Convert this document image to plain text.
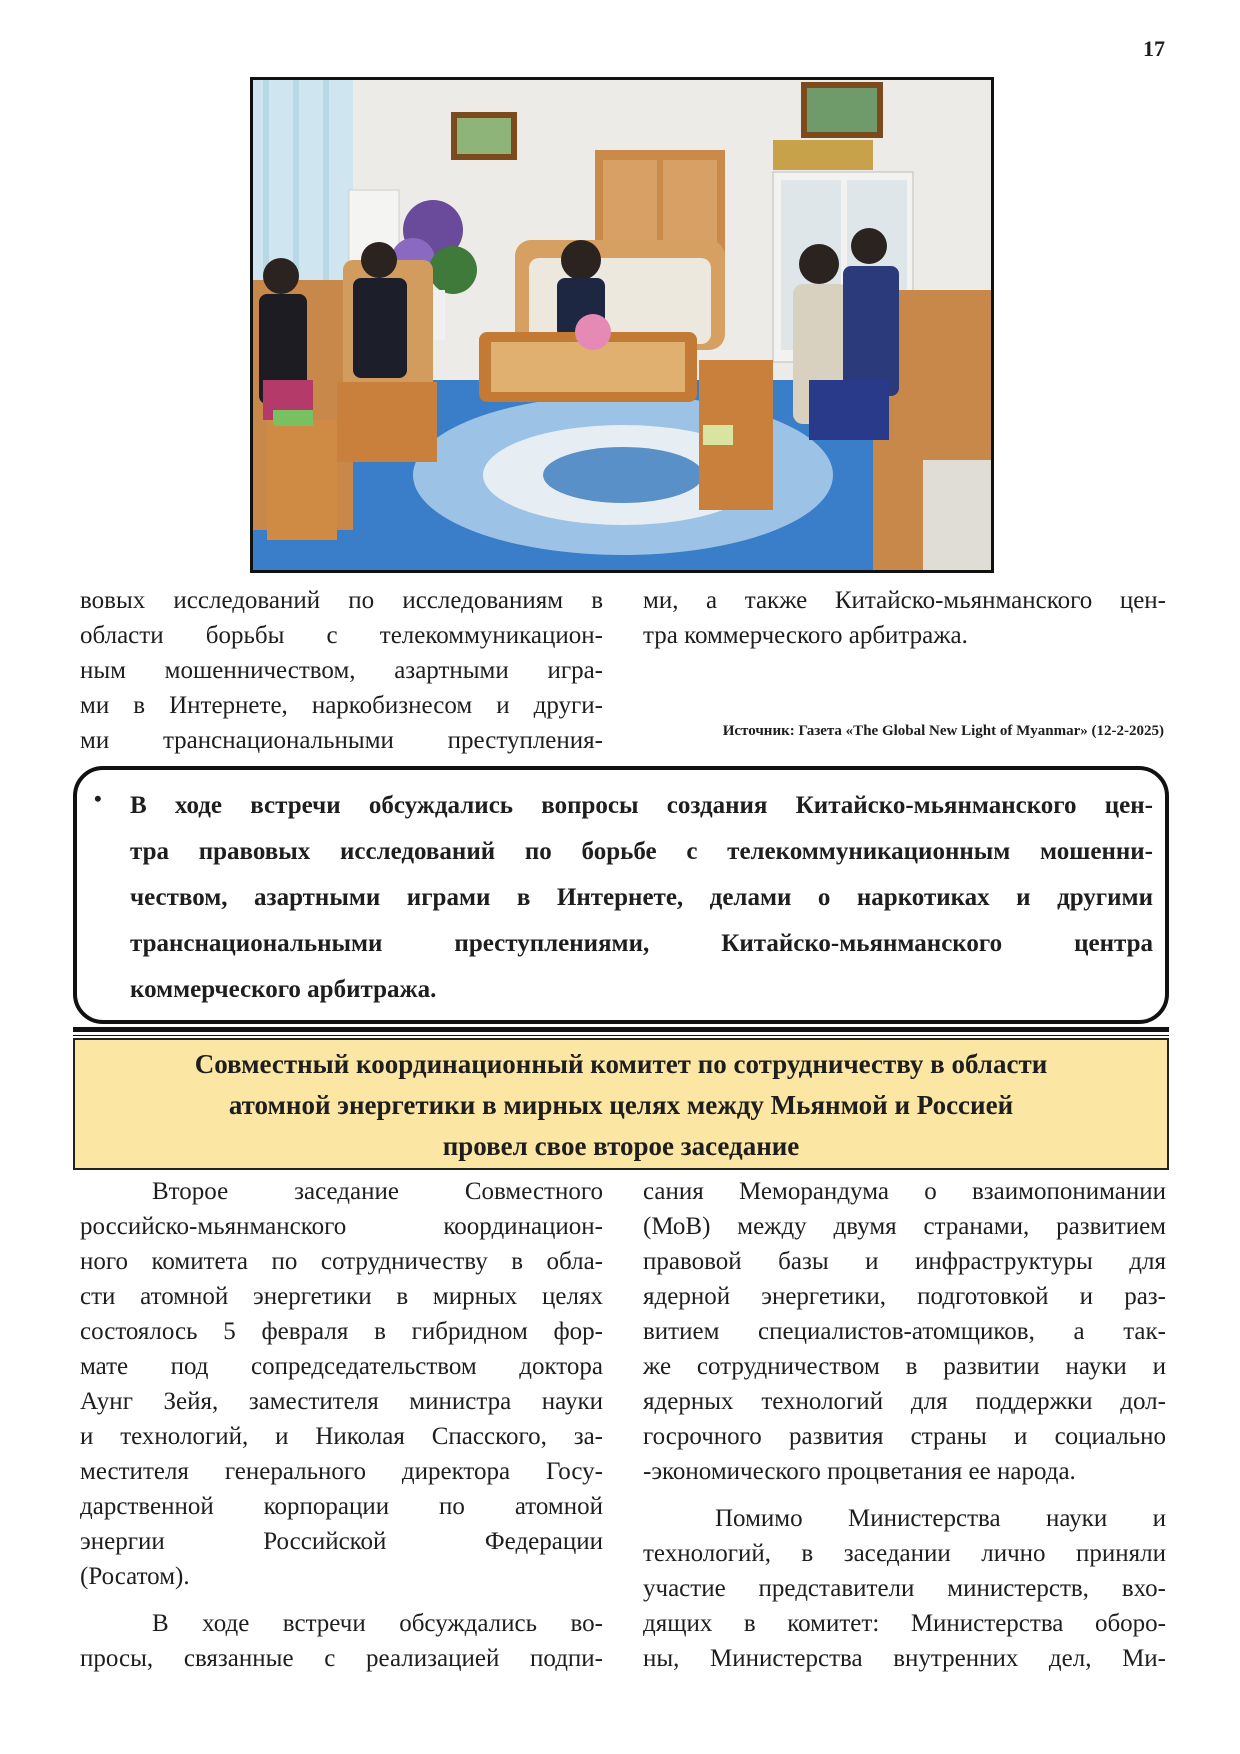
17

вовых исследований по исследованиям в

области борьбы с телекоммуникацион-

ным мошенничеством, азартными игра-

ми в Интернете, наркобизнесом и други-

ми транснациональными преступления-

ми, а также Китайско-мьянманского цен-

тра коммерческого арбитража.

Источник: Газета «The Global New Light of Myanmar» (12-2-2025)
• В ходе встречи обсуждались вопросы создания Китайско-мьянманского цен-
тра правовых исследований по борьбе с телекоммуникационным мошенни-
чеством, азартными играми в Интернете, делами о наркотиках и другими
транснациональными преступлениями, Китайско-мьянманского центра
коммерческого арбитража.
Совместный координационный комитет по сотрудничеству в области
атомной энергетики в мирных целях между Мьянмой и Россией
провел свое второе заседание

Второе заседание Совместного

российско-мьянманского координацион-

ного комитета по сотрудничеству в обла-

сти атомной энергетики в мирных целях

состоялось 5 февраля в гибридном фор-

мате под сопредседательством доктора

Аунг Зейя, заместителя министра науки

и технологий, и Николая Спасского, за-

местителя генерального директора Госу-

дарственной корпорации по атомной

энергии Российской Федерации

(Росатом).

В ходе встречи обсуждались во-

просы, связанные с реализацией подпи-

сания Меморандума о взаимопонимании

(МоВ) между двумя странами, развитием

правовой базы и инфраструктуры для

ядерной энергетики, подготовкой и раз-

витием специалистов-атомщиков, а так-

же сотрудничеством в развитии науки и

ядерных технологий для поддержки дол-

госрочного развития страны и социально

-экономического процветания ее народа.

Помимо Министерства науки и

технологий, в заседании лично приняли

участие представители министерств, вхо-

дящих в комитет: Министерства оборо-

ны, Министерства внутренних дел, Ми-
